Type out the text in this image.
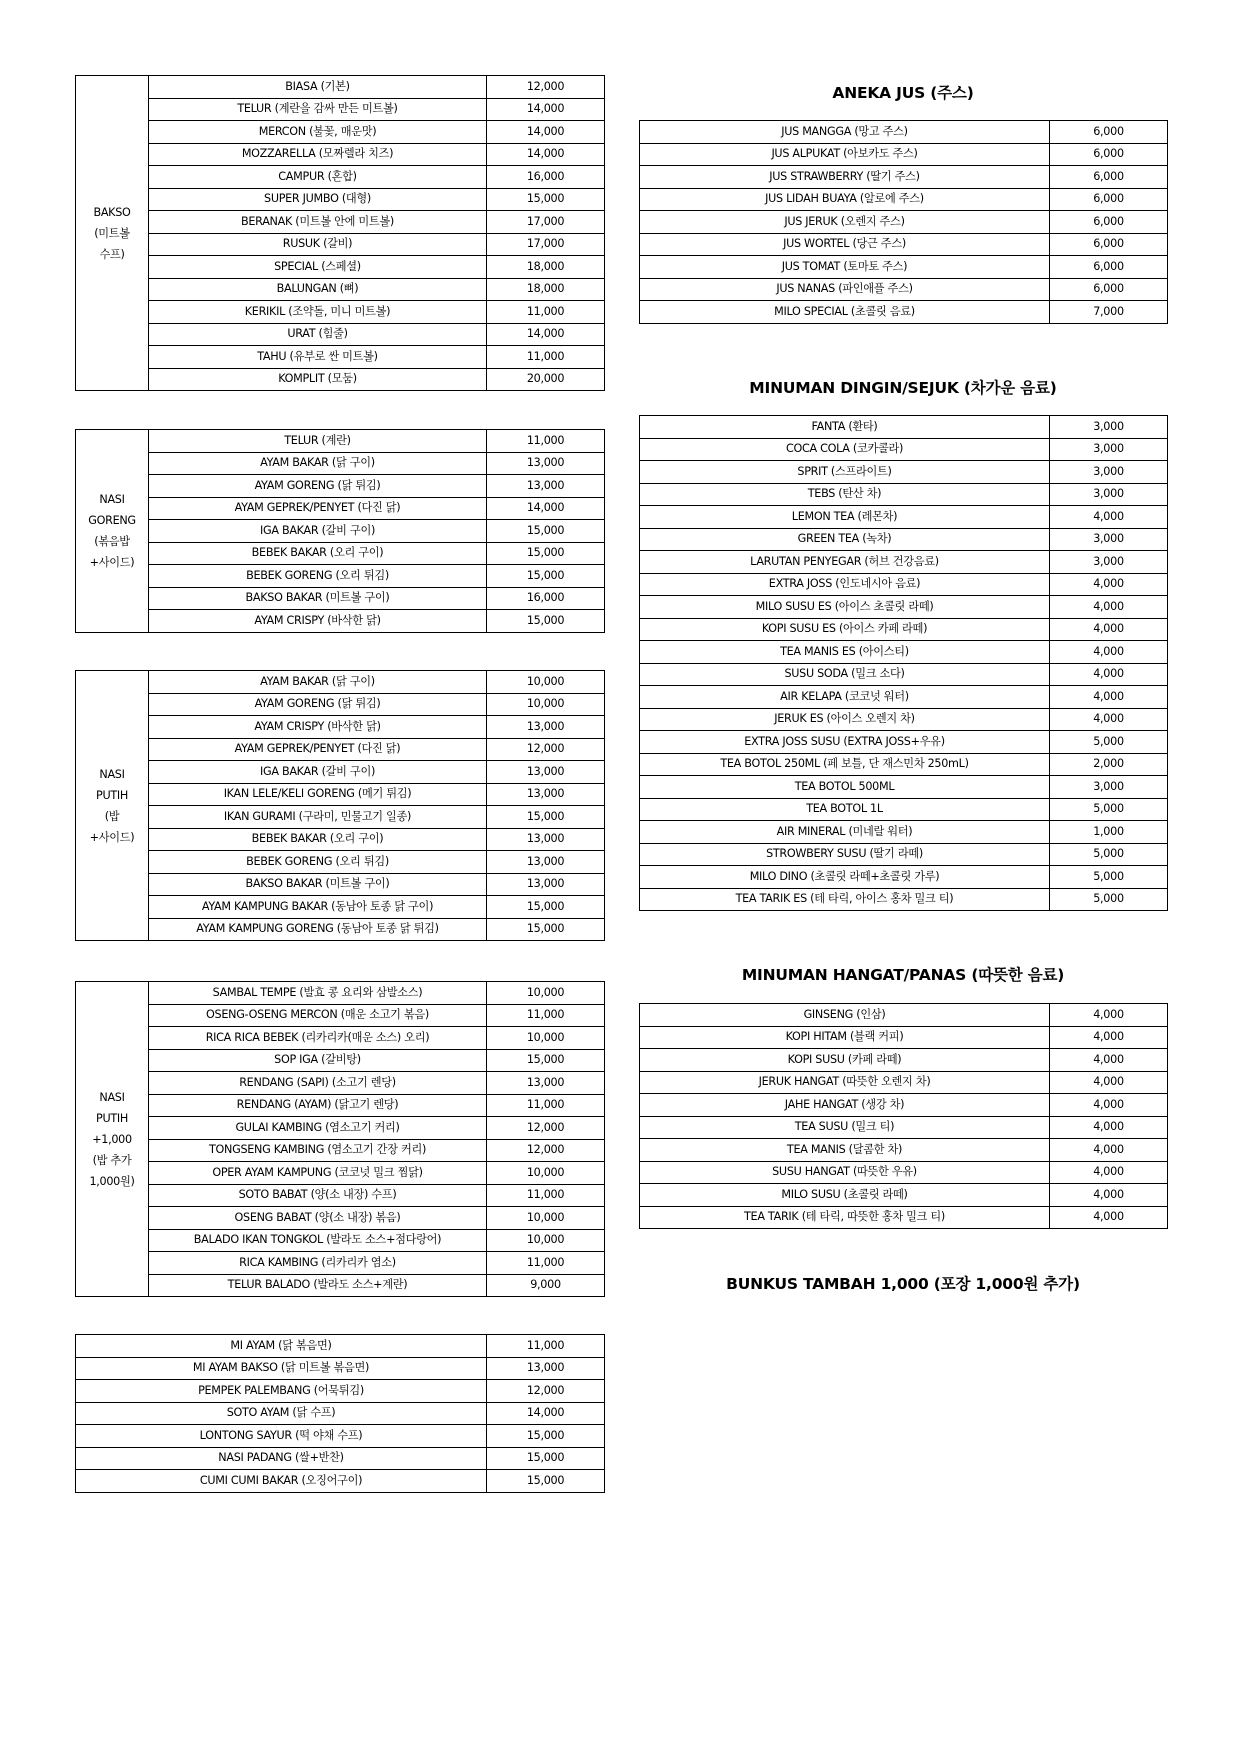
BAKSO
(미트볼
수프)	BIASA (기본)	12,000
	TELUR (계란을 감싸 만든 미트볼)	14,000
	MERCON (불꽃, 매운맛)	14,000
	MOZZARELLA (모짜렐라 치즈)	14,000
	CAMPUR (혼합)	16,000
	SUPER JUMBO (대형)	15,000
	BERANAK (미트볼 안에 미트볼)	17,000
	RUSUK (갈비)	17,000
	SPECIAL (스페셜)	18,000
	BALUNGAN (뼈)	18,000
	KERIKIL (조약돌, 미니 미트볼)	11,000
	URAT (힘줄)	14,000
	TAHU (유부로 싼 미트볼)	11,000
	KOMPLIT (모둠)	20,000
NASI
GORENG
(볶음밥
+사이드)	TELUR (계란)	11,000
	AYAM BAKAR (닭 구이)	13,000
	AYAM GORENG (닭 튀김)	13,000
	AYAM GEPREK/PENYET (다진 닭)	14,000
	IGA BAKAR (갈비 구이)	15,000
	BEBEK BAKAR (오리 구이)	15,000
	BEBEK GORENG (오리 튀김)	15,000
	BAKSO BAKAR (미트볼 구이)	16,000
	AYAM CRISPY (바삭한 닭)	15,000
NASI
PUTIH
(밥
+사이드)	AYAM BAKAR (닭 구이)	10,000
	AYAM GORENG (닭 튀김)	10,000
	AYAM CRISPY (바삭한 닭)	13,000
	AYAM GEPREK/PENYET (다진 닭)	12,000
	IGA BAKAR (갈비 구이)	13,000
	IKAN LELE/KELI GORENG (메기 튀김)	13,000
	IKAN GURAMI (구라미, 민물고기 일종)	15,000
	BEBEK BAKAR (오리 구이)	13,000
	BEBEK GORENG (오리 튀김)	13,000
	BAKSO BAKAR (미트볼 구이)	13,000
	AYAM KAMPUNG BAKAR (동남아 토종 닭 구이)	15,000
	AYAM KAMPUNG GORENG (동남아 토종 닭 튀김)	15,000
NASI
PUTIH
+1,000
(밥 추가
1,000원)	SAMBAL TEMPE (발효 콩 요리와 삼발소스)	10,000
	OSENG-OSENG MERCON (매운 소고기 볶음)	11,000
	RICA RICA BEBEK (리카리카(매운 소스) 오리)	10,000
	SOP IGA (갈비탕)	15,000
	RENDANG (SAPI) (소고기 렌당)	13,000
	RENDANG (AYAM) (닭고기 렌당)	11,000
	GULAI KAMBING (염소고기 커리)	12,000
	TONGSENG KAMBING (염소고기 간장 커리)	12,000
	OPER AYAM KAMPUNG (코코넛 밀크 찜닭)	10,000
	SOTO BABAT (양(소 내장) 수프)	11,000
	OSENG BABAT (양(소 내장) 볶음)	10,000
	BALADO IKAN TONGKOL (발라도 소스+점다랑어)	10,000
	RICA KAMBING (리카리카 염소)	11,000
	TELUR BALADO (발라도 소스+계란)	9,000
MI AYAM (닭 볶음면)	11,000
MI AYAM BAKSO (닭 미트볼 볶음면)	13,000
PEMPEK PALEMBANG (어묵튀김)	12,000
SOTO AYAM (닭 수프)	14,000
LONTONG SAYUR (떡 야채 수프)	15,000
NASI PADANG (쌀+반찬)	15,000
CUMI CUMI BAKAR (오징어구이)	15,000
ANEKA JUS (주스)
JUS MANGGA (망고 주스)	6,000
JUS ALPUKAT (아보카도 주스)	6,000
JUS STRAWBERRY (딸기 주스)	6,000
JUS LIDAH BUAYA (알로에 주스)	6,000
JUS JERUK (오렌지 주스)	6,000
JUS WORTEL (당근 주스)	6,000
JUS TOMAT (토마토 주스)	6,000
JUS NANAS (파인애플 주스)	6,000
MILO SPECIAL (초콜릿 음료)	7,000
MINUMAN DINGIN/SEJUK (차가운 음료)
FANTA (환타)	3,000
COCA COLA (코카콜라)	3,000
SPRIT (스프라이트)	3,000
TEBS (탄산 차)	3,000
LEMON TEA (레몬차)	4,000
GREEN TEA (녹차)	3,000
LARUTAN PENYEGAR (허브 건강음료)	3,000
EXTRA JOSS (인도네시아 음료)	4,000
MILO SUSU ES (아이스 초콜릿 라떼)	4,000
KOPI SUSU ES (아이스 카페 라떼)	4,000
TEA MANIS ES (아이스티)	4,000
SUSU SODA (밀크 소다)	4,000
AIR KELAPA (코코넛 워터)	4,000
JERUK ES (아이스 오렌지 차)	4,000
EXTRA JOSS SUSU (EXTRA JOSS+우유)	5,000
TEA BOTOL 250ML (페 보틀, 단 재스민차 250mL)	2,000
TEA BOTOL 500ML	3,000
TEA BOTOL 1L	5,000
AIR MINERAL (미네랄 워터)	1,000
STROWBERY SUSU (딸기 라떼)	5,000
MILO DINO (초콜릿 라떼+초콜릿 가루)	5,000
TEA TARIK ES (테 타릭, 아이스 홍차 밀크 티)	5,000
MINUMAN HANGAT/PANAS (따뜻한 음료)
GINSENG (인삼)	4,000
KOPI HITAM (블랙 커피)	4,000
KOPI SUSU (카페 라떼)	4,000
JERUK HANGAT (따뜻한 오렌지 차)	4,000
JAHE HANGAT (생강 차)	4,000
TEA SUSU (밀크 티)	4,000
TEA MANIS (달콤한 차)	4,000
SUSU HANGAT (따뜻한 우유)	4,000
MILO SUSU (초콜릿 라떼)	4,000
TEA TARIK (테 타릭, 따뜻한 홍차 밀크 티)	4,000
BUNKUS TAMBAH 1,000 (포장 1,000원 추가)
